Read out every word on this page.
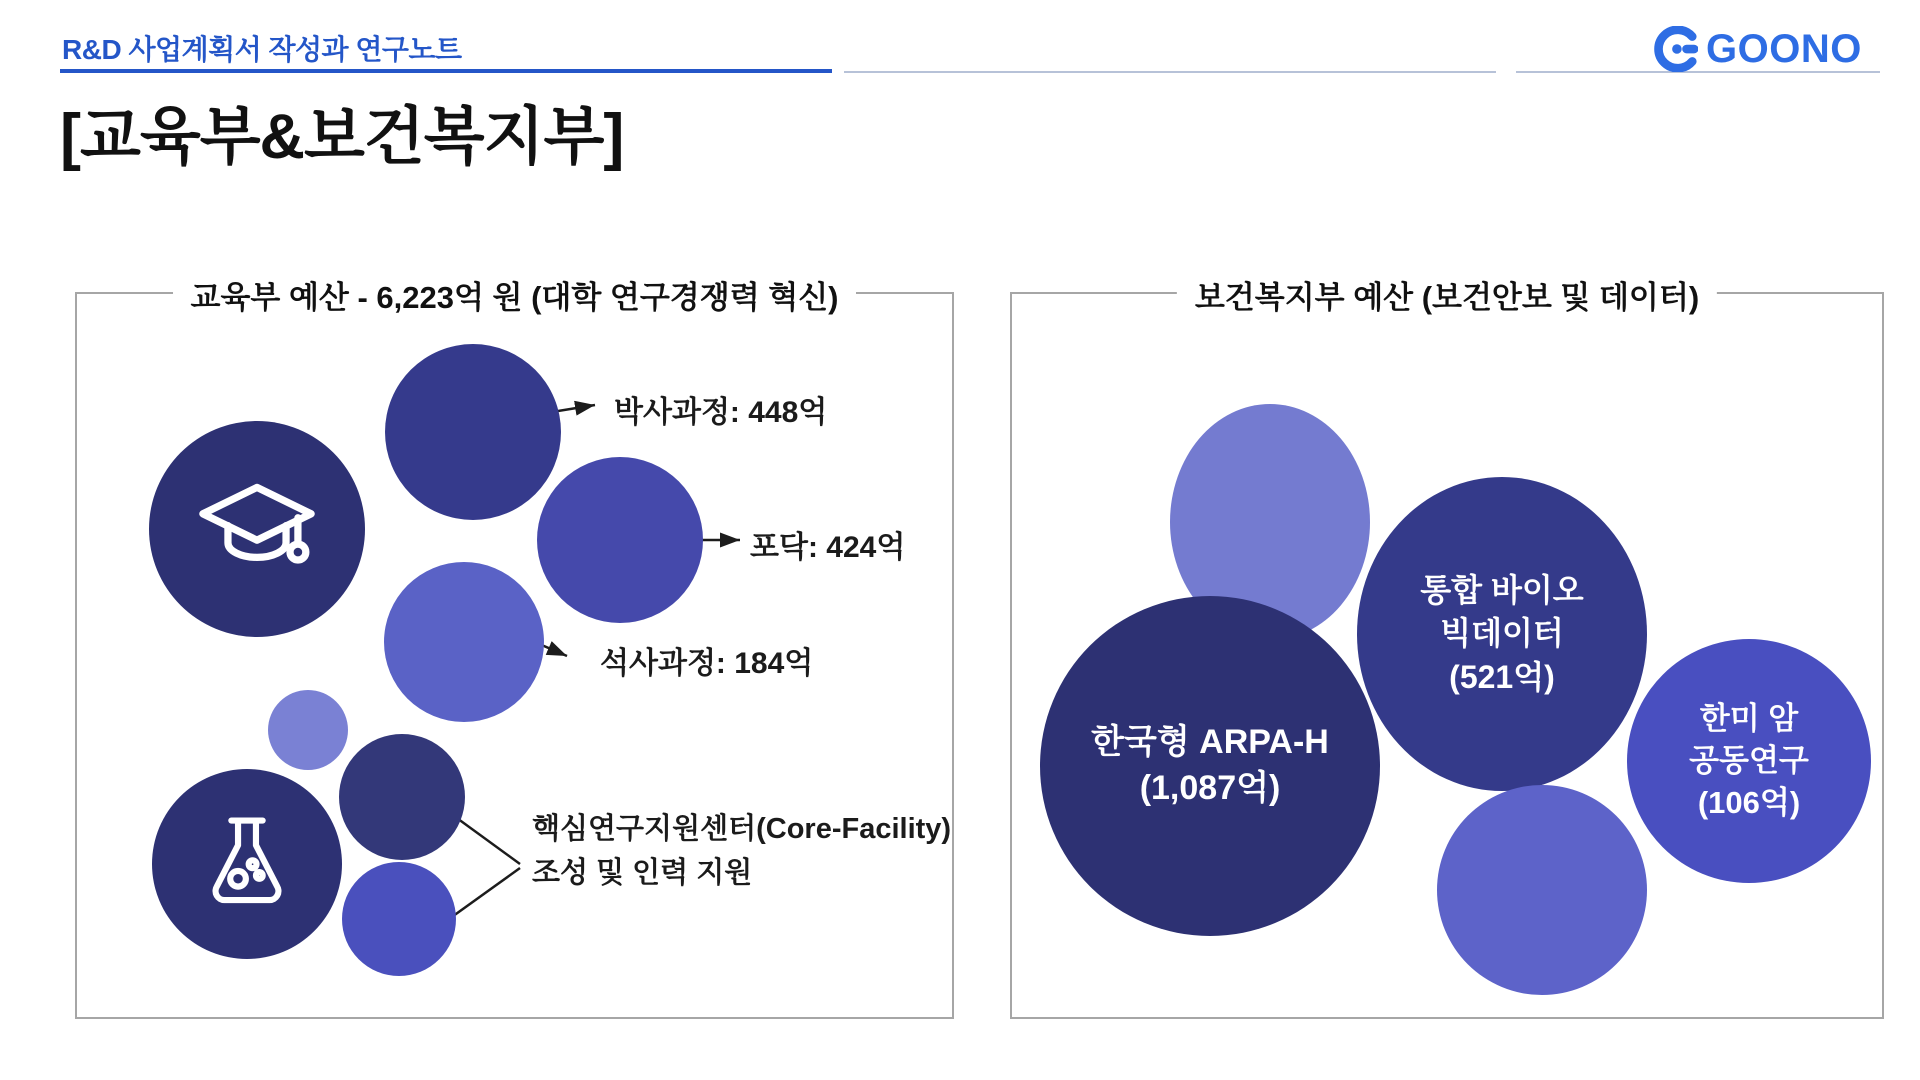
R&D 사업계획서 작성과 연구노트	GOONO
[교육부&보건복지부]
교육부 예산 - 6,223억 원 (대학 연구경쟁력 혁신)
박사과정: 448억
포닥: 424억
석사과정: 184억
핵심연구지원센터(Core-Facility)
조성 및 인력 지원
보건복지부 예산 (보건안보 및 데이터)
통합 바이오
빅데이터
(521억)
한국형 ARPA-H
(1,087억)
한미 암
공동연구
(106억)
